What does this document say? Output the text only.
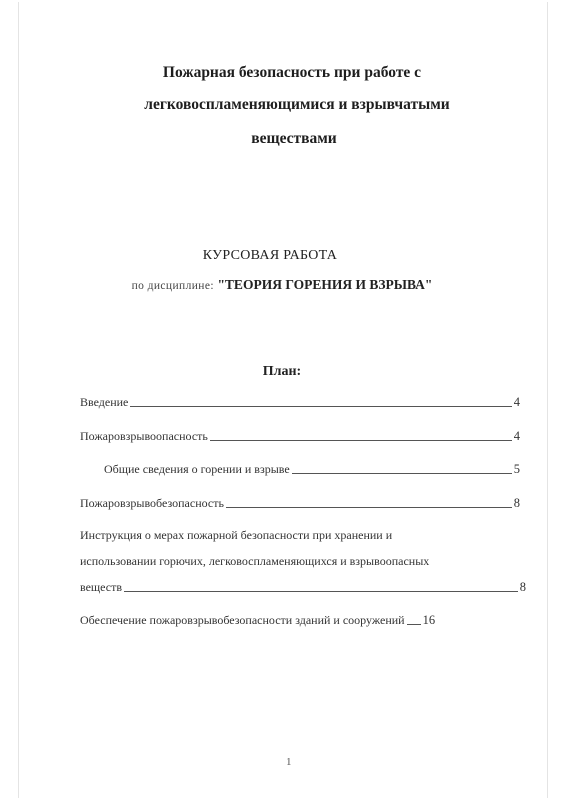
Пожарная безопасность при работе с
легковоспламеняющимися и взрывчатыми
веществами
КУРСОВАЯ РАБОТА
по дисциплине: "ТЕОРИЯ ГОРЕНИЯ И ВЗРЫВА"
План:
Введение	4
Пожаровзрывоопасность	4
Общие сведения о горении и взрыве	5
Пожаровзрывобезопасность	8
Инструкция о мерах пожарной безопасности при хранении и
использовании горючих, легковоспламеняющихся и взрывоопасных
веществ	8
Обеспечение пожаровзрывобезопасности зданий и сооружений 16
1
